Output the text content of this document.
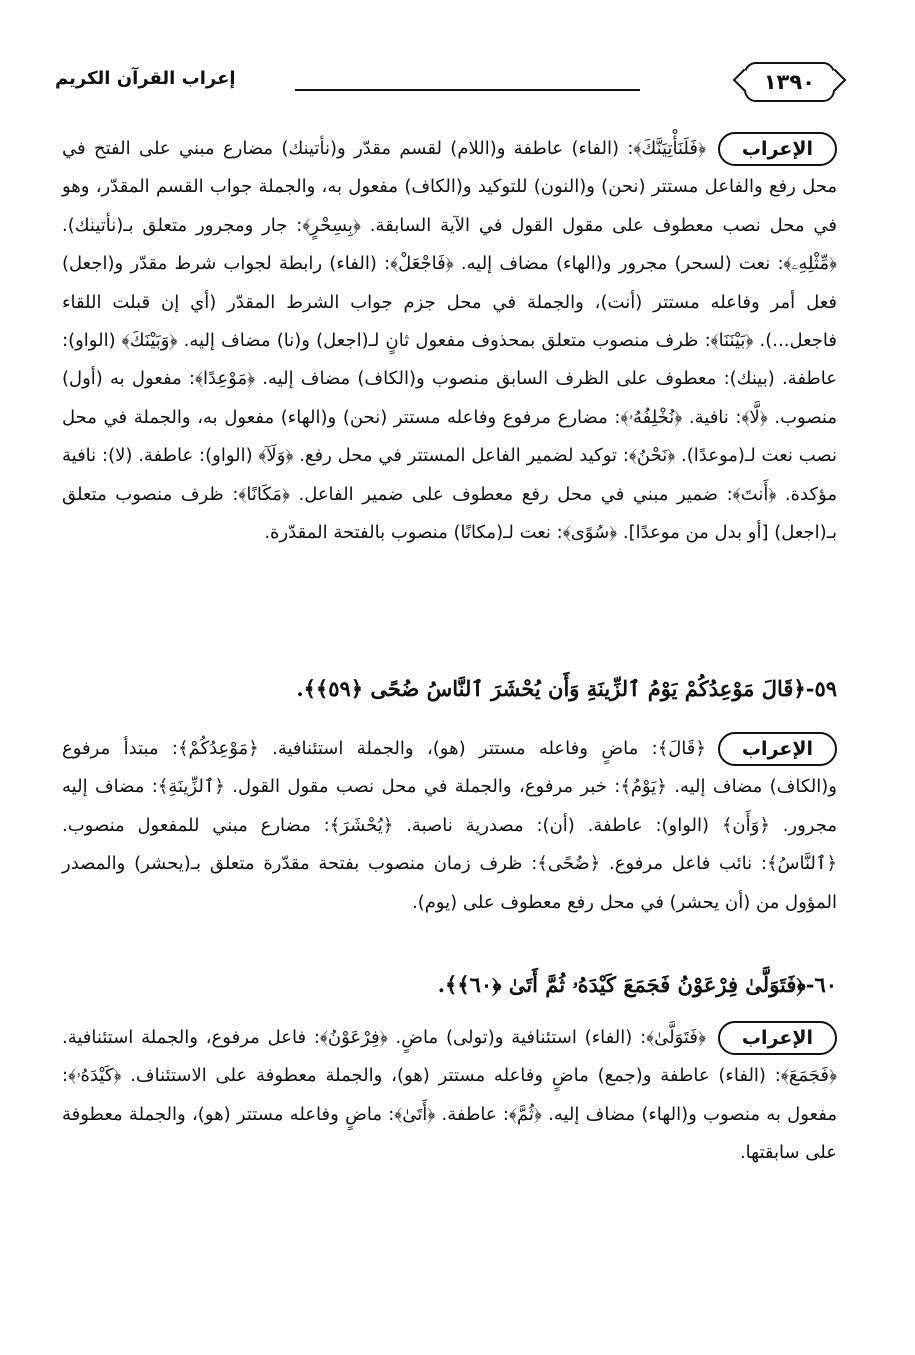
١٣٩٠
إعراب القرآن الكريم
الإعراب
﴿فَلَنَأْتِيَنَّكَ﴾: (الفاء) عاطفة و(اللام) لقسم مقدّر و(نأتينك) مضارع مبني على الفتح في محل رفع والفاعل مستتر (نحن) و(النون) للتوكيد و(الكاف) مفعول به، والجملة جواب القسم المقدّر، وهو في محل نصب معطوف على مقول القول في الآية السابقة. ﴿بِسِحْرٍ﴾: جار ومجرور متعلق بـ(نأتينك). ﴿مِّثْلِهِۦ﴾: نعت (لسحر) مجرور و(الهاء) مضاف إليه. ﴿فَاجْعَلْ﴾: (الفاء) رابطة لجواب شرط مقدّر و(اجعل) فعل أمر وفاعله مستتر (أنت)، والجملة في محل جزم جواب الشرط المقدّر (أي إن قبلت اللقاء فاجعل...). ﴿بَيْنَنَا﴾: ظرف منصوب متعلق بمحذوف مفعول ثانٍ لـ(اجعل) و(نا) مضاف إليه. ﴿وَبَيْنَكَ﴾ (الواو): عاطفة. (بينك): معطوف على الظرف السابق منصوب و(الكاف) مضاف إليه. ﴿مَوْعِدًا﴾: مفعول به (أول) منصوب. ﴿لَّا﴾: نافية. ﴿نُخْلِفُهُۥ﴾: مضارع مرفوع وفاعله مستتر (نحن) و(الهاء) مفعول به، والجملة في محل نصب نعت لـ(موعدًا). ﴿نَحْنُ﴾: توكيد لضمير الفاعل المستتر في محل رفع. ﴿وَلَآ﴾ (الواو): عاطفة. (لا): نافية مؤكدة. ﴿أَنتَ﴾: ضمير مبني في محل رفع معطوف على ضمير الفاعل. ﴿مَكَانًا﴾: ظرف منصوب متعلق بـ(اجعل) [أو بدل من موعدًا]. ﴿سُوًى﴾: نعت لـ(مكانًا) منصوب بالفتحة المقدّرة.
٥٩-﴿قَالَ مَوْعِدُكُمْ يَوْمُ ٱلزِّينَةِ وَأَن يُحْشَرَ ٱلنَّاسُ ضُحًى ﴿٥٩﴾﴾.
الإعراب
﴿قَالَ﴾: ماضٍ وفاعله مستتر (هو)، والجملة استئنافية. ﴿مَوْعِدُكُمْ﴾: مبتدأ مرفوع و(الكاف) مضاف إليه. ﴿يَوْمُ﴾: خبر مرفوع، والجملة في محل نصب مقول القول. ﴿ٱلزِّينَةِ﴾: مضاف إليه مجرور. ﴿وَأَن﴾ (الواو): عاطفة. (أن): مصدرية ناصبة. ﴿يُحْشَرَ﴾: مضارع مبني للمفعول منصوب. ﴿ٱلنَّاسُ﴾: نائب فاعل مرفوع. ﴿ضُحًى﴾: ظرف زمان منصوب بفتحة مقدّرة متعلق بـ(يحشر) والمصدر المؤول من (أن يحشر) في محل رفع معطوف على (يوم).
٦٠-﴿فَتَوَلَّىٰ فِرْعَوْنُ فَجَمَعَ كَيْدَهُۥ ثُمَّ أَتَىٰ ﴿٦٠﴾﴾.
الإعراب
﴿فَتَوَلَّىٰ﴾: (الفاء) استئنافية و(تولى) ماضٍ. ﴿فِرْعَوْنُ﴾: فاعل مرفوع، والجملة استئنافية. ﴿فَجَمَعَ﴾: (الفاء) عاطفة و(جمع) ماضٍ وفاعله مستتر (هو)، والجملة معطوفة على الاستئناف. ﴿كَيْدَهُۥ﴾: مفعول به منصوب و(الهاء) مضاف إليه. ﴿ثُمَّ﴾: عاطفة. ﴿أَتَىٰ﴾: ماضٍ وفاعله مستتر (هو)، والجملة معطوفة على سابقتها.
